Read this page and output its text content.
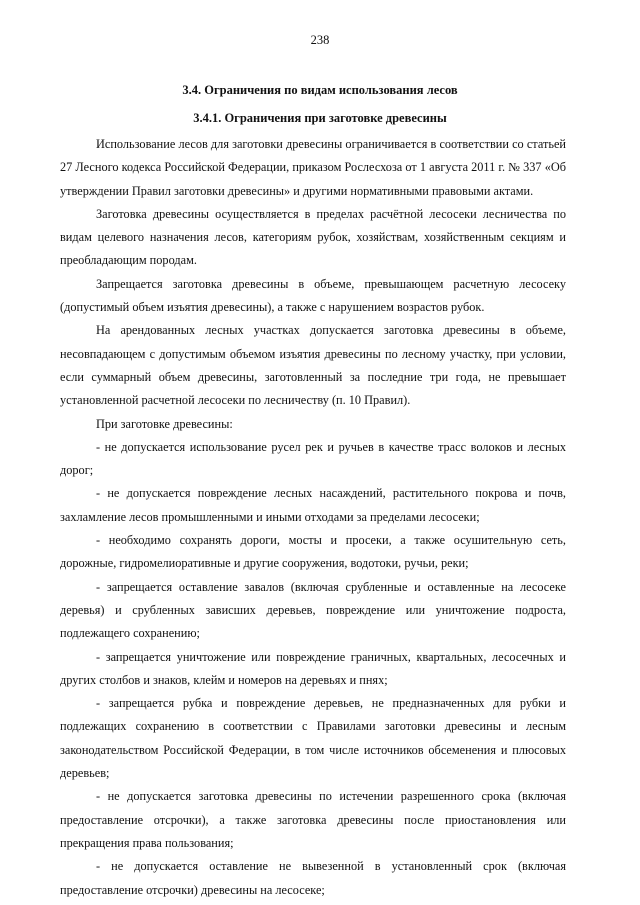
238
3.4. Ограничения по видам использования лесов
3.4.1. Ограничения при заготовке древесины

Использование лесов для заготовки древесины ограничивается в соответствии со статьей 27 Лесного кодекса Российской Федерации, приказом Рослесхоза от 1 августа 2011 г. № 337 «Об утверждении Правил заготовки древесины» и другими нормативными правовыми актами.

Заготовка древесины осуществляется в пределах расчётной лесосеки лесничества по видам целевого назначения лесов, категориям рубок, хозяйствам, хозяйственным секциям и преобладающим породам.

Запрещается заготовка древесины в объеме, превышающем расчетную лесосеку (допустимый объем изъятия древесины), а также с нарушением возрастов рубок.

На арендованных лесных участках допускается заготовка древесины в объеме, несовпадающем с допустимым объемом изъятия древесины по лесному участку, при условии, если суммарный объем древесины, заготовленный за последние три года, не превышает установленной расчетной лесосеки по лесничеству (п. 10 Правил).

При заготовке древесины:

- не допускается использование русел рек и ручьев в качестве трасс волоков и лесных дорог;

- не допускается повреждение лесных насаждений, растительного покрова и почв, захламление лесов промышленными и иными отходами за пределами лесосеки;

- необходимо сохранять дороги, мосты и просеки, а также осушительную сеть, дорожные, гидромелиоративные и другие сооружения, водотоки, ручьи, реки;

- запрещается оставление завалов (включая срубленные и оставленные на лесосеке деревья) и срубленных зависших деревьев, повреждение или уничтожение подроста, подлежащего сохранению;

- запрещается уничтожение или повреждение граничных, квартальных, лесосечных и других столбов и знаков, клейм и номеров на деревьях и пнях;

- запрещается рубка и повреждение деревьев, не предназначенных для рубки и подлежащих сохранению в соответствии с Правилами заготовки древесины и лесным законодательством Российской Федерации, в том числе источников обсеменения и плюсовых деревьев;

- не допускается заготовка древесины по истечении разрешенного срока (включая предоставление отсрочки), а также заготовка древесины после приостановления или прекращения права пользования;

- не допускается оставление не вывезенной в установленный срок (включая предоставление отсрочки) древесины на лесосеке;
